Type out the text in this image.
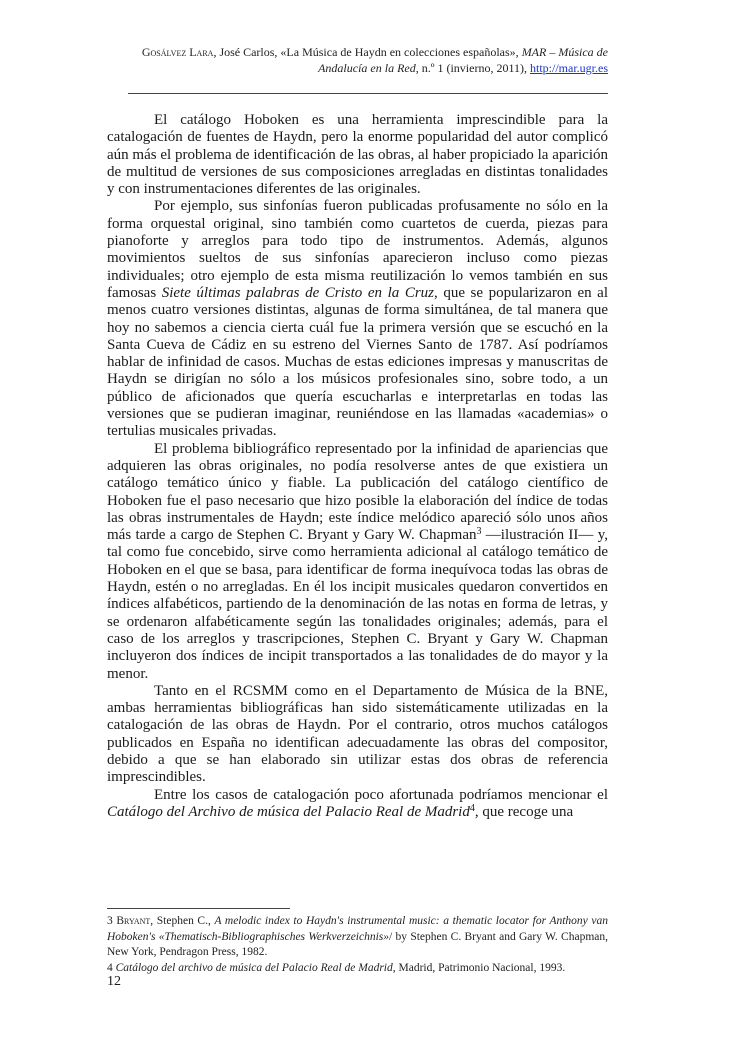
Gosálvez Lara, José Carlos, «La Música de Haydn en colecciones españolas», MAR – Música de Andalucía en la Red, n.º 1 (invierno, 2011), http://mar.ugr.es

El catálogo Hoboken es una herramienta imprescindible para la catalogación de fuentes de Haydn, pero la enorme popularidad del autor complicó aún más el problema de identificación de las obras, al haber propiciado la aparición de multitud de versiones de sus composiciones arregladas en distintas tonalidades y con instrumentaciones diferentes de las originales.

Por ejemplo, sus sinfonías fueron publicadas profusamente no sólo en la forma orquestal original, sino también como cuartetos de cuerda, piezas para pianoforte y arreglos para todo tipo de instrumentos. Además, algunos movimientos sueltos de sus sinfonías aparecieron incluso como piezas individuales; otro ejemplo de esta misma reutilización lo vemos también en sus famosas Siete últimas palabras de Cristo en la Cruz, que se popularizaron en al menos cuatro versiones distintas, algunas de forma simultánea, de tal manera que hoy no sabemos a ciencia cierta cuál fue la primera versión que se escuchó en la Santa Cueva de Cádiz en su estreno del Viernes Santo de 1787. Así podríamos hablar de infinidad de casos. Muchas de estas ediciones impresas y manuscritas de Haydn se dirigían no sólo a los músicos profesionales sino, sobre todo, a un público de aficionados que quería escucharlas e interpretarlas en todas las versiones que se pudieran imaginar, reuniéndose en las llamadas «academias» o tertulias musicales privadas.

El problema bibliográfico representado por la infinidad de apariencias que adquieren las obras originales, no podía resolverse antes de que existiera un catálogo temático único y fiable. La publicación del catálogo científico de Hoboken fue el paso necesario que hizo posible la elaboración del índice de todas las obras instrumentales de Haydn; este índice melódico apareció sólo unos años más tarde a cargo de Stephen C. Bryant y Gary W. Chapman$^3$ —ilustración II— y, tal como fue concebido, sirve como herramienta adicional al catálogo temático de Hoboken en el que se basa, para identificar de forma inequívoca todas las obras de Haydn, estén o no arregladas. En él los incipit musicales quedaron convertidos en índices alfabéticos, partiendo de la denominación de las notas en forma de letras, y se ordenaron alfabéticamente según las tonalidades originales; además, para el caso de los arreglos y trascripciones, Stephen C. Bryant y Gary W. Chapman incluyeron dos índices de incipit transportados a las tonalidades de do mayor y la menor.

Tanto en el RCSMM como en el Departamento de Música de la BNE, ambas herramientas bibliográficas han sido sistemáticamente utilizadas en la catalogación de las obras de Haydn. Por el contrario, otros muchos catálogos publicados en España no identifican adecuadamente las obras del compositor, debido a que se han elaborado sin utilizar estas dos obras de referencia imprescindibles.

Entre los casos de catalogación poco afortunada podríamos mencionar el Catálogo del Archivo de música del Palacio Real de Madrid$^4$, que recoge una

3 Bryant, Stephen C., A melodic index to Haydn's instrumental music: a thematic locator for Anthony van Hoboken's «Thematisch-Bibliographisches Werkverzeichnis»/ by Stephen C. Bryant and Gary W. Chapman, New York, Pendragon Press, 1982.

4 Catálogo del archivo de música del Palacio Real de Madrid, Madrid, Patrimonio Nacional, 1993.

12
